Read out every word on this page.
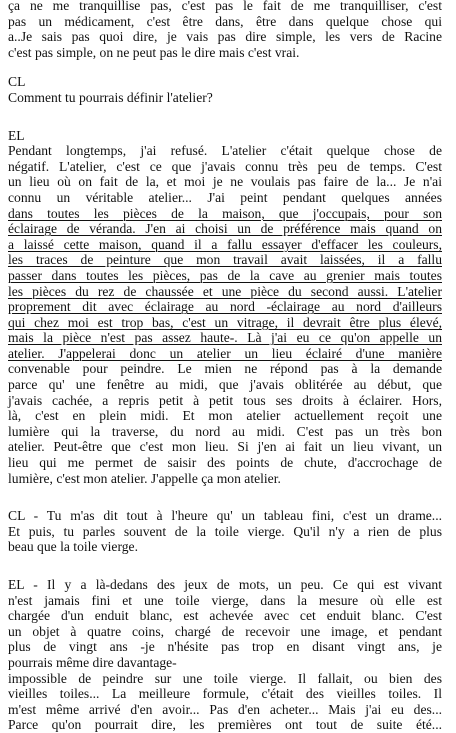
ça ne me tranquillise pas, c'est pas le fait de me tranquilliser, c'est
pas un médicament, c'est être dans, être dans quelque chose qui
a..Je sais pas quoi dire, je vais pas dire simple, les vers de Racine
c'est pas simple, on ne peut pas le dire mais c'est vrai.
CL
Comment tu pourrais définir l'atelier?
EL
Pendant longtemps, j'ai refusé. L'atelier c'était quelque chose de
négatif. L'atelier, c'est ce que j'avais connu très peu de temps. C'est
un lieu où on fait de la, et moi je ne voulais pas faire de la... Je n'ai
connu un véritable atelier... J'ai peint pendant quelques années
dans toutes les pièces de la maison, que j'occupais, pour son
éclairage de véranda. J'en ai choisi un de préférence mais quand on
a laissé cette maison, quand il a fallu essayer d'effacer les couleurs,
les traces de peinture que mon travail avait laissées, il a fallu
passer dans toutes les pièces, pas de la cave au grenier mais toutes
les pièces du rez de chaussée et une pièce du second aussi. L'atelier
proprement dit avec éclairage au nord -éclairage au nord d'ailleurs
qui chez moi est trop bas, c'est un vitrage, il devrait être plus élevé,
mais la pièce n'est pas assez haute-. Là j'ai eu ce qu'on appelle un
atelier. J'appelerai donc un atelier un lieu éclairé d'une manière
convenable pour peindre. Le mien ne répond pas à la demande
parce qu' une fenêtre au midi, que j'avais oblitérée au début, que
j'avais cachée, a repris petit à petit tous ses droits à éclairer. Hors,
là, c'est en plein midi. Et mon atelier actuellement reçoit une
lumière qui la traverse, du nord au midi. C'est pas un très bon
atelier. Peut-être que c'est mon lieu. Si j'en ai fait un lieu vivant, un
lieu qui me permet de saisir des points de chute, d'accrochage de
lumière, c'est mon atelier. J'appelle ça mon atelier.
CL - Tu m'as dit tout à l'heure qu' un tableau fini, c'est un drame...
Et puis, tu parles souvent de la toile vierge. Qu'il n'y a rien de plus
beau que la toile vierge.
EL - Il y a là-dedans des jeux de mots, un peu. Ce qui est vivant
n'est jamais fini et une toile vierge, dans la mesure où elle est
chargée d'un enduit blanc, est achevée avec cet enduit blanc. C'est
un objet à quatre coins, chargé de recevoir une image, et pendant
plus de vingt ans -je n'hésite pas trop en disant vingt ans, je
pourrais même dire davantage-
impossible de peindre sur une toile vierge. Il fallait, ou bien des
vieilles toiles... La meilleure formule, c'était des vieilles toiles. Il
m'est même arrivé d'en avoir... Pas d'en acheter... Mais j'ai eu des...
Parce qu'on pourrait dire, les premières ont tout de suite été...
